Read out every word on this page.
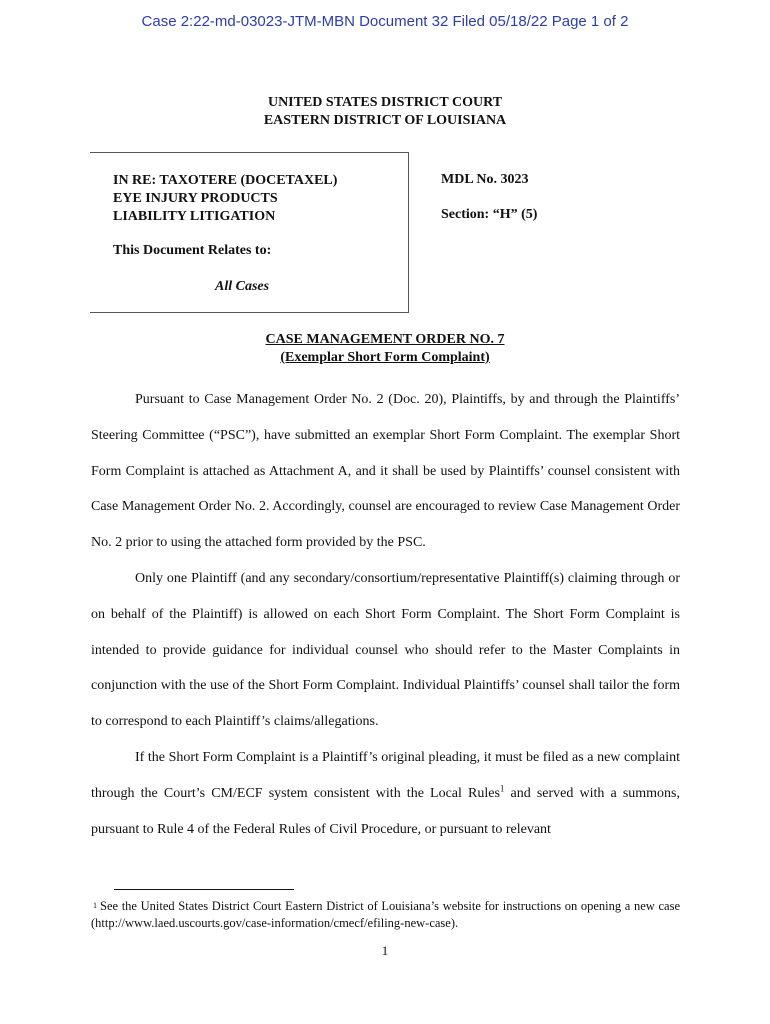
Case 2:22-md-03023-JTM-MBN Document 32 Filed 05/18/22 Page 1 of 2
UNITED STATES DISTRICT COURT
EASTERN DISTRICT OF LOUISIANA
IN RE: TAXOTERE (DOCETAXEL)
EYE INJURY PRODUCTS
LIABILITY LITIGATION
This Document Relates to:
All Cases
MDL No. 3023
Section: “H” (5)
CASE MANAGEMENT ORDER NO. 7
(Exemplar Short Form Complaint)

Pursuant to Case Management Order No. 2 (Doc. 20), Plaintiffs, by and through the Plaintiffs’ Steering Committee (“PSC”), have submitted an exemplar Short Form Complaint. The exemplar Short Form Complaint is attached as Attachment A, and it shall be used by Plaintiffs’ counsel consistent with Case Management Order No. 2. Accordingly, counsel are encouraged to review Case Management Order No. 2 prior to using the attached form provided by the PSC.

Only one Plaintiff (and any secondary/consortium/representative Plaintiff(s) claiming through or on behalf of the Plaintiff) is allowed on each Short Form Complaint. The Short Form Complaint is intended to provide guidance for individual counsel who should refer to the Master Complaints in conjunction with the use of the Short Form Complaint. Individual Plaintiffs’ counsel shall tailor the form to correspond to each Plaintiff’s claims/allegations.

If the Short Form Complaint is a Plaintiff’s original pleading, it must be filed as a new complaint through the Court’s CM/ECF system consistent with the Local Rules$^1$ and served with a summons, pursuant to Rule 4 of the Federal Rules of Civil Procedure, or pursuant to relevant

$^1$ See the United States District Court Eastern District of Louisiana’s website for instructions on opening a new case (http://www.laed.uscourts.gov/case-information/cmecf/efiling-new-case).
1
